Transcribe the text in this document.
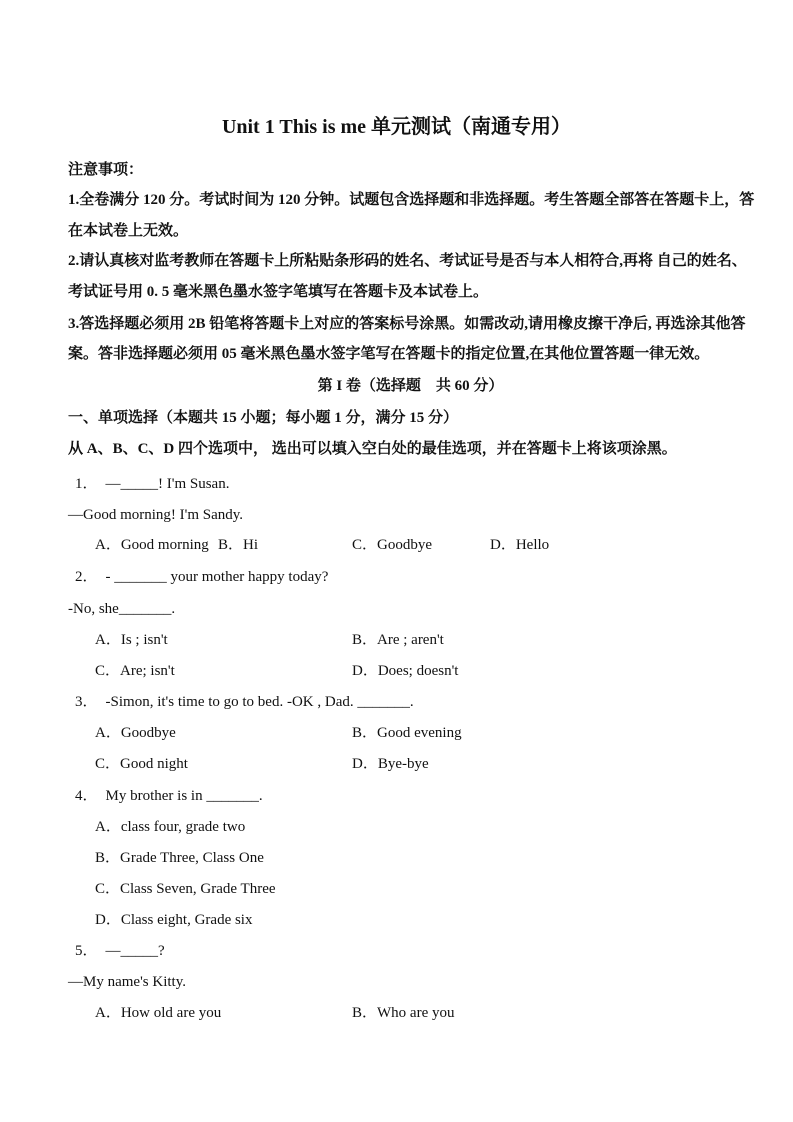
Unit 1 This is me 单元测试（南通专用）
注意事项：
1.全卷满分 120 分。考试时间为 120 分钟。试题包含选择题和非选择题。考生答题全部答在答题卡上，答
在本试卷上无效。
2.请认真核对监考教师在答题卡上所粘贴条形码的姓名、考试证号是否与本人相符合,再将 自己的姓名、
考试证号用 0. 5 毫米黑色墨水签字笔填写在答题卡及本试卷上。
3.答选择题必须用 2B 铅笔将答题卡上对应的答案标号涂黑。如需改动,请用橡皮擦干净后, 再选涂其他答
案。答非选择题必须用 05 毫米黑色墨水签字笔写在答题卡的指定位置,在其他位置答题一律无效。
第 I 卷（选择题　共 60 分）
一、单项选择（本题共 15 小题；每小题 1 分，满分 15 分）
从 A、B、C、D 四个选项中， 选出可以填入空白处的最佳选项，并在答题卡上将该项涂黑。
1． —_____! I'm Susan.
—Good morning! I'm Sandy.
A．Good morning B．Hi	C．Goodbye	D．Hello
2． - _______ your mother happy today?
-No, she_______.
A．Is ; isn't	B．Are ; aren't
C．Are; isn't	D．Does; doesn't
3． -Simon, it's time to go to bed. -OK , Dad. _______.
A．Goodbye	B．Good evening
C．Good night	D．Bye-bye
4． My brother is in _______.
A．class four, grade two
B．Grade Three, Class One
C．Class Seven, Grade Three
D．Class eight, Grade six
5． —_____?
—My name's Kitty.
A．How old are you	B．Who are you
